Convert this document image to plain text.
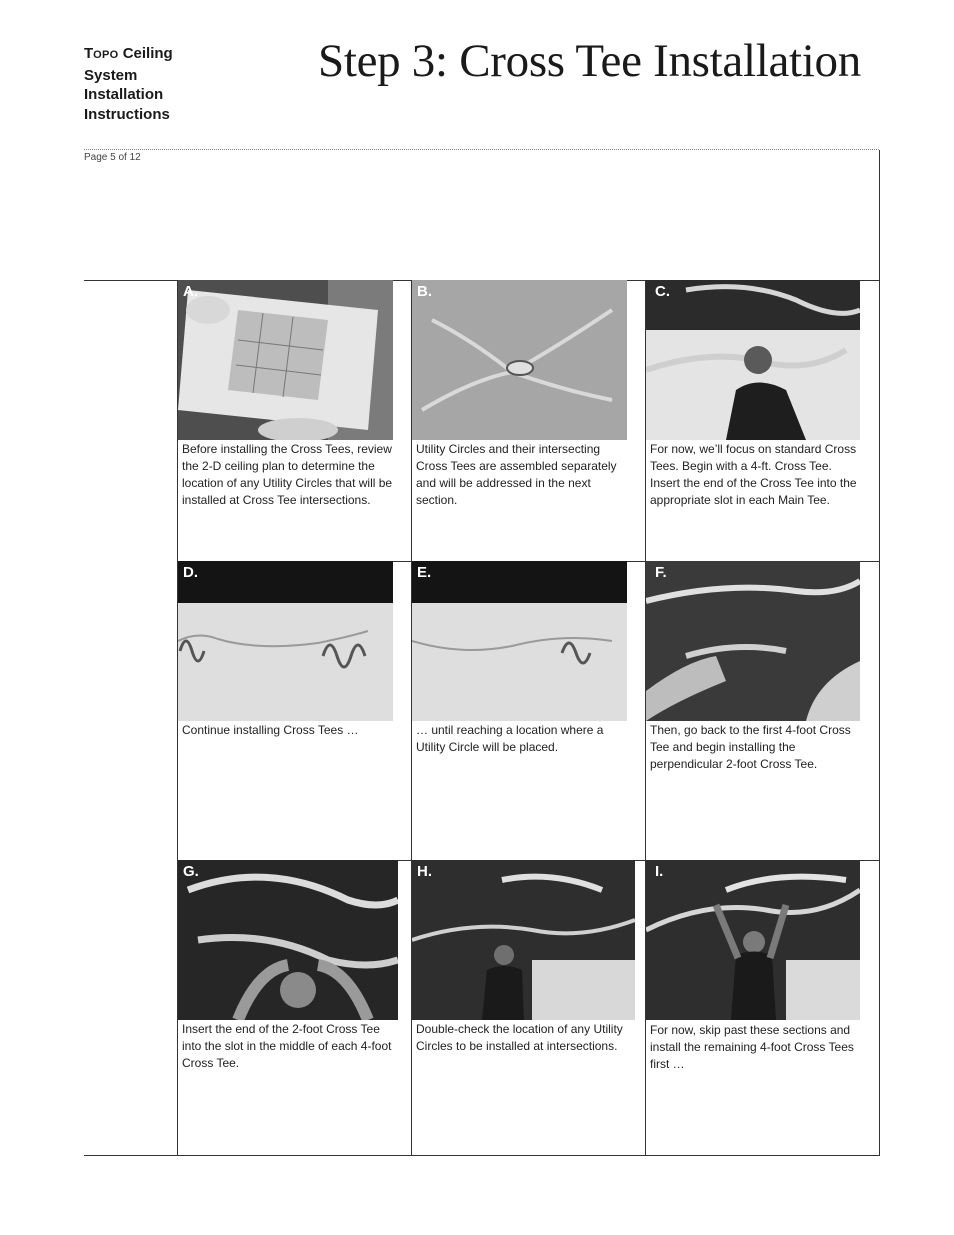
TOPO Ceiling
System
Installation
Instructions
Step 3: Cross Tee Installation
Page 5 of 12
A.
Before installing the Cross Tees, review the 2-D ceiling plan to determine the location of any Utility Circles that will be installed at Cross Tee intersections.
B.
Utility Circles and their intersecting Cross Tees are assembled separately and will be addressed in the next section.
C.
For now, we’ll focus on standard Cross Tees. Begin with a 4-ft. Cross Tee. Insert the end of the Cross Tee into the appropriate slot in each Main Tee.
D.
Continue installing Cross Tees …
E.
… until reaching a location where a Utility Circle will be placed.
F.
Then, go back to the first 4-foot Cross Tee and begin installing the perpendicular 2-foot Cross Tee.
G.
Insert the end of the 2-foot Cross Tee into the slot in the middle of each 4-foot Cross Tee.
H.
Double-check the location of any Utility Circles to be installed at intersections.
I.
For now, skip past these sections and install the remaining 4-foot Cross Tees first …
